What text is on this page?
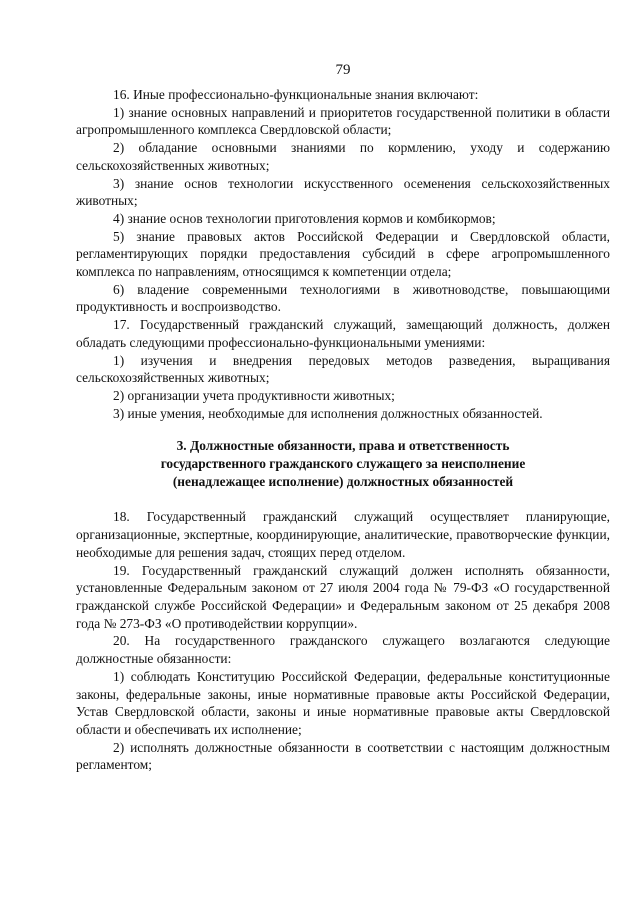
79

16. Иные профессионально-функциональные знания включают:

1) знание основных направлений и приоритетов государственной политики в области агропромышленного комплекса Свердловской области;

2) обладание основными знаниями по кормлению, уходу и содержанию сельскохозяйственных животных;

3) знание основ технологии искусственного осеменения сельскохозяйственных животных;

4) знание основ технологии приготовления кормов и комбикормов;

5) знание правовых актов Российской Федерации и Свердловской области, регламентирующих порядки предоставления субсидий в сфере агропромышленного комплекса по направлениям, относящимся к компетенции отдела;

6) владение современными технологиями в животноводстве, повышающими продуктивность и воспроизводство.

17. Государственный гражданский служащий, замещающий должность, должен обладать следующими профессионально-функциональными умениями:

1) изучения и внедрения передовых методов разведения, выращивания сельскохозяйственных животных;

2) организации учета продуктивности животных;

3) иные умения, необходимые для исполнения должностных обязанностей.

3. Должностные обязанности, права и ответственность

государственного гражданского служащего за неисполнение

(ненадлежащее исполнение) должностных обязанностей

18. Государственный гражданский служащий осуществляет планирующие, организационные, экспертные, координирующие, аналитические, правотворческие функции, необходимые для решения задач, стоящих перед отделом.

19. Государственный гражданский служащий должен исполнять обязанности, установленные Федеральным законом от 27 июля 2004 года № 79-ФЗ «О государственной гражданской службе Российской Федерации» и Федеральным законом от 25 декабря 2008 года № 273-ФЗ «О противодействии коррупции».

20. На государственного гражданского служащего возлагаются следующие должностные обязанности:

1) соблюдать Конституцию Российской Федерации, федеральные конституционные законы, федеральные законы, иные нормативные правовые акты Российской Федерации, Устав Свердловской области, законы и иные нормативные правовые акты Свердловской области и обеспечивать их исполнение;

2) исполнять должностные обязанности в соответствии с настоящим должностным регламентом;
